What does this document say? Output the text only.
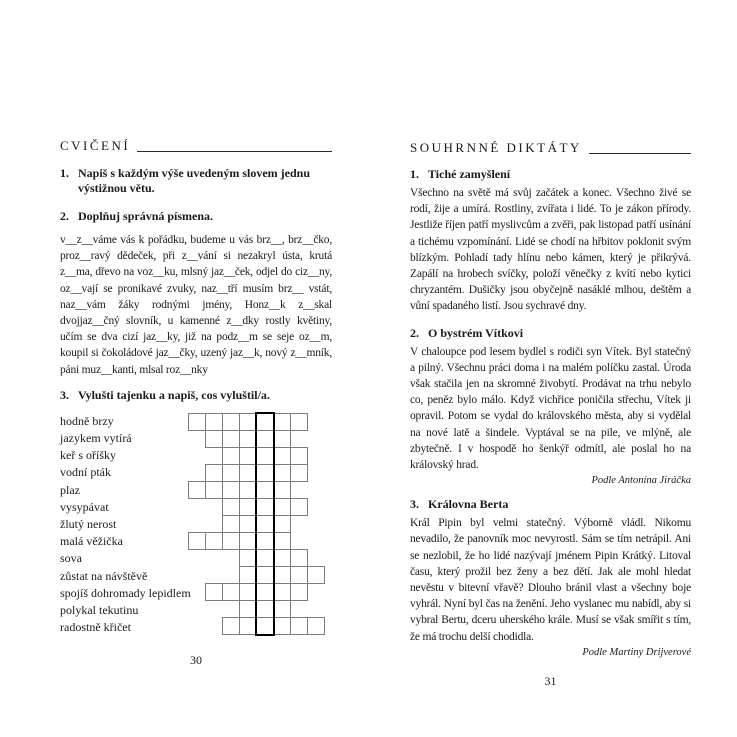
CVIČENÍ
1. Napiš s každým výše uvedeným slovem jednu výstižnou větu.
2. Doplňuj správná písmena.
v__z__váme vás k pořádku, budeme u vás brz__, brz__čko, proz__ravý dědeček, při z__vání si nezakryl ústa, krutá z__ma, dřevo na voz__ku, mlsný jaz__ček, odjel do ciz__ny, oz__vají se pronikavé zvuky, naz__tří musím brz__ vstát, naz__vám žáky rodnými jmény, Honz__k z__skal dvojjaz__čný slovník, u kamenné z__dky rostly květiny, učím se dva cizí jaz__ky, již na podz__m se seje oz__m, koupil si čokoládové jaz__čky, uzený jaz__k, nový z__mník, páni muz__kanti, mlsal roz__nky
3. Vylušti tajenku a napiš, cos vyluštil/a.
hodně brzy
jazykem vytírá
keř s oříšky
vodní pták
plaz
vysypávat
žlutý nerost
malá věžička
sova
zůstat na návštěvě
spojíš dohromady lepidlem
polykal tekutinu
radostně křičet
30
SOUHRNNÉ DIKTÁTY
1. Tiché zamyšlení
Všechno na světě má svůj začátek a konec. Všechno živé se rodí, žije a umírá. Rostliny, zvířata i lidé. To je zákon přírody. Jestliže říjen patří myslivcům a zvěři, pak listopad patří usínání a tichému vzpomínání. Lidé se chodí na hřbitov poklonit svým blízkým. Pohladí tady hlínu nebo kámen, který je přikrývá. Zapálí na hrobech svíčky, položí věnečky z kvítí nebo kytici chryzantém. Dušičky jsou obyčejně nasáklé mlhou, deštěm a vůní spadaného listí. Jsou sychravé dny.
2. O bystrém Vítkovi
V chaloupce pod lesem bydlel s rodiči syn Vítek. Byl statečný a pilný. Všechnu práci doma i na malém políčku zastal. Úroda však stačila jen na skromné živobytí. Prodávat na trhu nebylo co, peněz bylo málo. Když vichřice poničila střechu, Vítek ji opravil. Potom se vydal do královského města, aby si vydělal na nové latě a šindele. Vyptával se na pile, ve mlýně, ale zbytečně. I v hospodě ho šenkýř odmítl, ale poslal ho na královský hrad.
Podle Antonína Jiráčka
3. Královna Berta
Král Pipin byl velmi statečný. Výborně vládl. Nikomu nevadilo, že panovník moc nevyrostl. Sám se tím netrápil. Ani se nezlobil, že ho lidé nazývají jménem Pipin Krátký. Litoval času, který prožil bez ženy a bez dětí. Jak ale mohl hledat nevěstu v bitevní vřavě? Dlouho bránil vlast a všechny boje vyhrál. Nyní byl čas na ženění. Jeho vyslanec mu nabídl, aby si vybral Bertu, dceru uherského krále. Musí se však smířit s tím, že má trochu delší chodidla.
Podle Martiny Drijverové
31
